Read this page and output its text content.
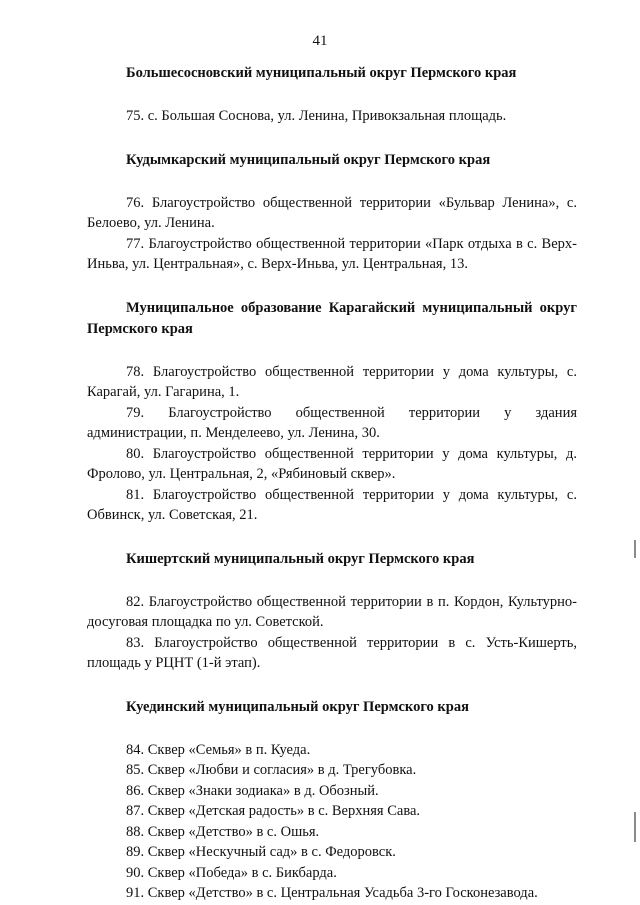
41

Большесосновский муниципальный округ Пермского края

75. с. Большая Соснова, ул. Ленина, Привокзальная площадь.

Кудымкарский муниципальный округ Пермского края

76. Благоустройство общественной территории «Бульвар Ленина», с. Белоево, ул. Ленина.

77. Благоустройство общественной территории «Парк отдыха в с. Верх-Иньва, ул. Центральная», с. Верх-Иньва, ул. Центральная, 13.

Муниципальное образование Карагайский муниципальный округ Пермского края

78. Благоустройство общественной территории у дома культуры, с. Карагай, ул. Гагарина, 1.

79. Благоустройство общественной территории у здания администрации, п. Менделеево, ул. Ленина, 30.

80. Благоустройство общественной территории у дома культуры, д. Фролово, ул. Центральная, 2, «Рябиновый сквер».

81. Благоустройство общественной территории у дома культуры, с. Обвинск, ул. Советская, 21.

Кишертский муниципальный округ Пермского края

82. Благоустройство общественной территории в п. Кордон, Культурно-досуговая площадка по ул. Советской.

83. Благоустройство общественной территории в с. Усть-Кишерть, площадь у РЦНТ (1-й этап).

Куединский муниципальный округ Пермского края

84. Сквер «Семья» в п. Куеда.

85. Сквер «Любви и согласия» в д. Трегубовка.

86. Сквер «Знаки зодиака» в д. Обозный.

87. Сквер «Детская радость» в с. Верхняя Сава.

88. Сквер «Детство» в с. Ошья.

89. Сквер «Нескучный сад» в с. Федоровск.

90. Сквер «Победа» в с. Бикбарда.

91. Сквер «Детство» в с. Центральная Усадьба 3-го Госконезавода.
